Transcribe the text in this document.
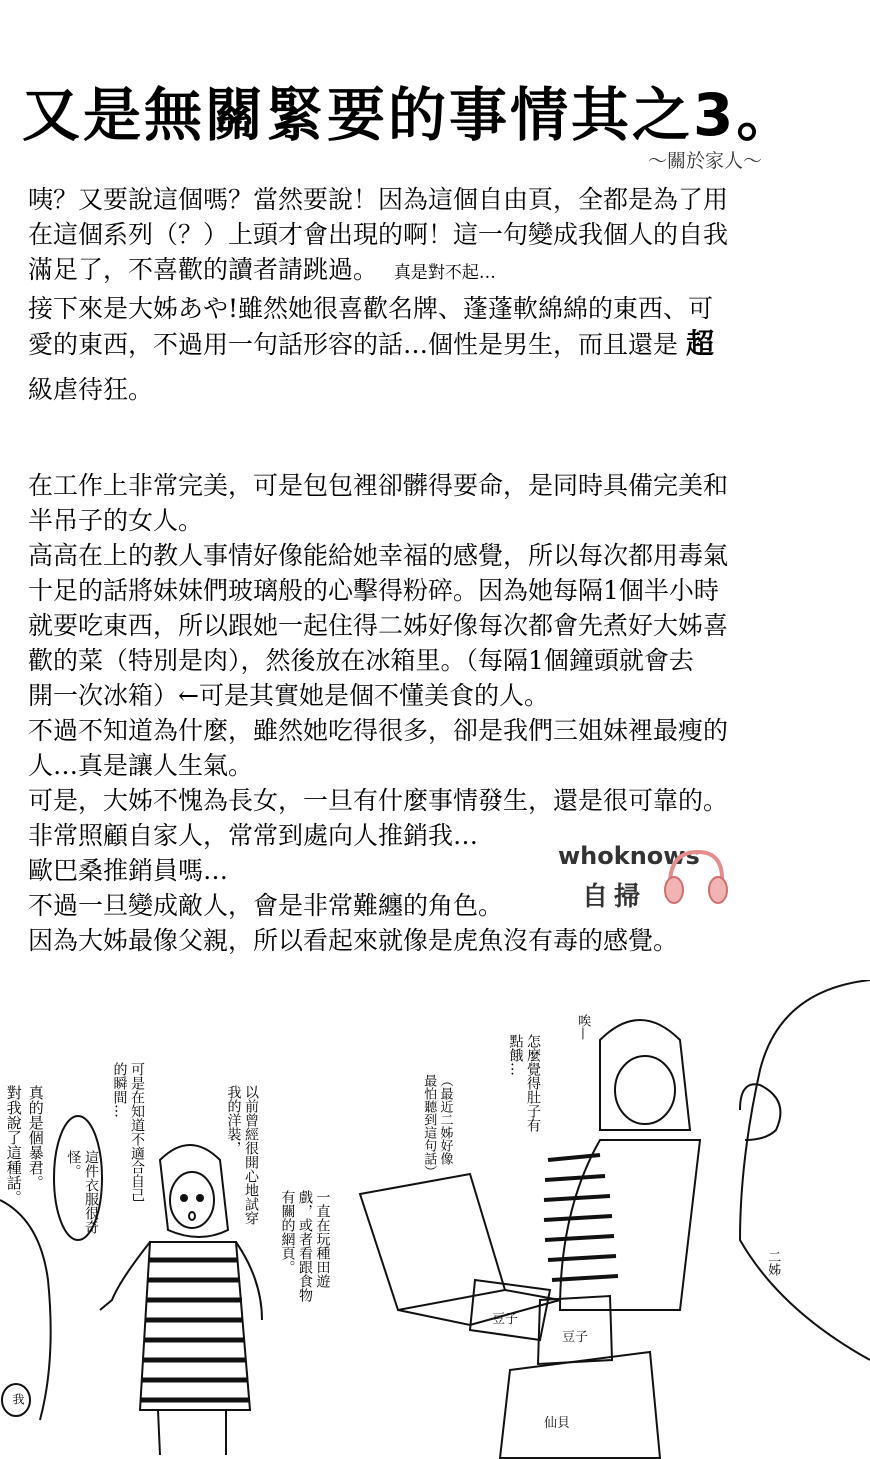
又是無關緊要的事情其之3。
〜關於家人〜

咦？又要說這個嗎？當然要說！因為這個自由頁，全都是為了用

在這個系列（？）上頭才會出現的啊！這一句變成我個人的自我

滿足了，不喜歡的讀者請跳過。 真是對不起…

接下來是大姊あや!雖然她很喜歡名牌、蓬蓬軟綿綿的東西、可

愛的東西，不過用一句話形容的話…個性是男生，而且還是 超

級虐待狂。

在工作上非常完美，可是包包裡卻髒得要命，是同時具備完美和

半吊子的女人。

高高在上的教人事情好像能給她幸福的感覺，所以每次都用毒氣

十足的話將妹妹們玻璃般的心擊得粉碎。因為她每隔1個半小時

就要吃東西，所以跟她一起住得二姊好像每次都會先煮好大姊喜

歡的菜（特別是肉），然後放在冰箱里。（每隔1個鐘頭就會去

開一次冰箱）←可是其實她是個不懂美食的人。

不過不知道為什麼，雖然她吃得很多，卻是我們三姐妹裡最瘦的

人…真是讓人生氣。

可是，大姊不愧為長女，一旦有什麼事情發生，還是很可靠的。

非常照顧自家人，常常到處向人推銷我…

歐巴桑推銷員嗎…

不過一旦變成敵人，會是非常難纏的角色。

因為大姊最像父親，所以看起來就像是虎魚沒有毒的感覺。

whoknows
自掃
對我說了這種話。 真的是個暴君。
這件衣服很奇怪。	可是在知道不適合自己的瞬間…	以前曾經很開心地試穿我的洋裝，
我
唉—
怎麼覺得肚子有點餓…
（最近二姊好像最怕聽到這句話）
一直在玩種田遊戲，或者看跟食物有關的網頁。
豆子
豆子
仙貝
二姊
